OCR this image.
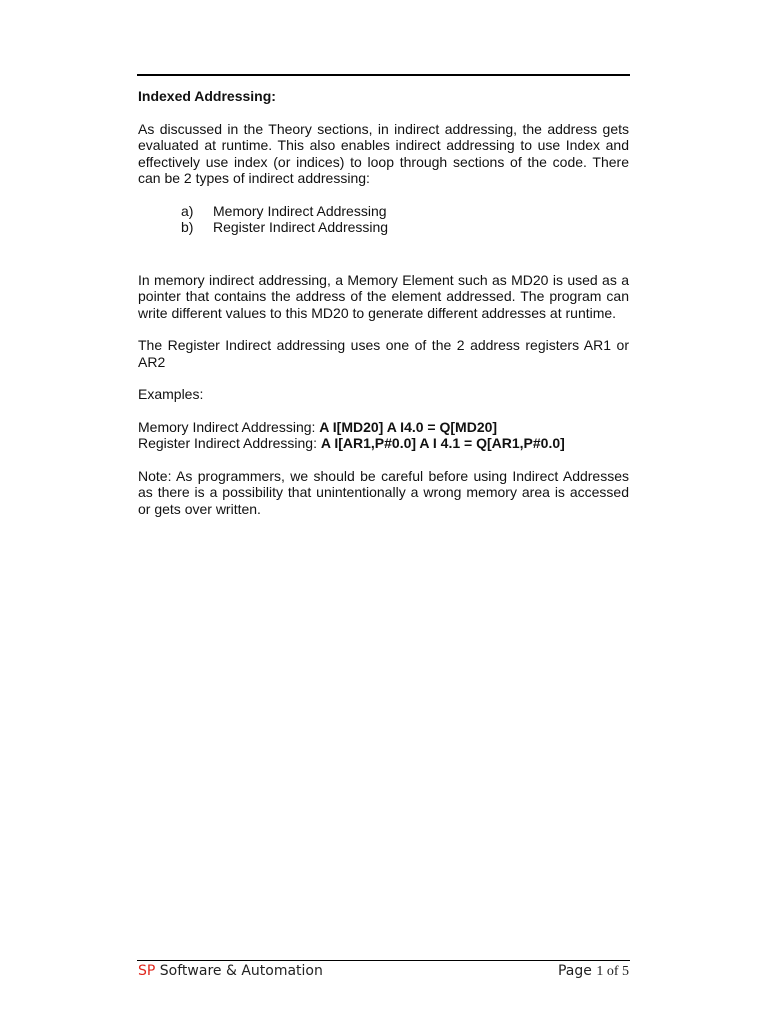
Indexed Addressing:

As discussed in the Theory sections, in indirect addressing, the address gets evaluated at runtime. This also enables indirect addressing to use Index and effectively use index (or indices) to loop through sections of the code. There can be 2 types of indirect addressing:

a)	Memory Indirect Addressing
b)	Register Indirect Addressing

In memory indirect addressing, a Memory Element such as MD20 is used as a pointer that contains the address of the element addressed. The program can write different values to this MD20 to generate different addresses at runtime.

The Register Indirect addressing uses one of the 2 address registers AR1 or AR2

Examples:

Memory Indirect Addressing: A I[MD20] A I4.0 = Q[MD20]

Register Indirect Addressing: A I[AR1,P#0.0] A I 4.1 = Q[AR1,P#0.0]

Note: As programmers, we should be careful before using Indirect Addresses as there is a possibility that unintentionally a wrong memory area is accessed or gets over written.

SP Software & Automation	Page 1 of 5
